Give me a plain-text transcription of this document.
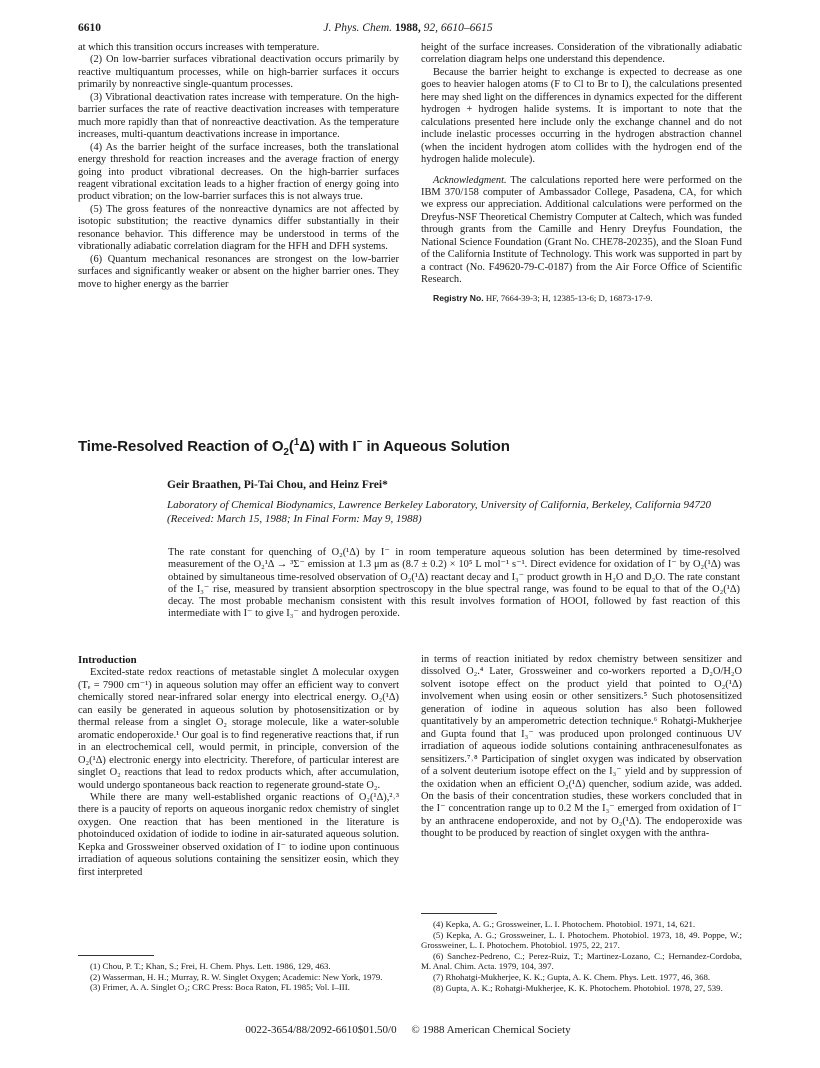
6610	J. Phys. Chem. 1988, 92, 6610–6615

at which this transition occurs increases with temperature.

(2) On low-barrier surfaces vibrational deactivation occurs primarily by reactive multiquantum processes, while on high-barrier surfaces it occurs primarily by nonreactive single-quantum processes.

(3) Vibrational deactivation rates increase with temperature. On the high-barrier surfaces the rate of reactive deactivation increases with temperature much more rapidly than that of nonreactive deactivation. As the temperature increases, multi-quantum deactivations increase in importance.

(4) As the barrier height of the surface increases, both the translational energy threshold for reaction increases and the average fraction of energy going into product vibrational decreases. On the high-barrier surfaces reagent vibrational excitation leads to a higher fraction of energy going into product vibration; on the low-barrier surfaces this is not always true.

(5) The gross features of the nonreactive dynamics are not affected by isotopic substitution; the reactive dynamics differ substantially in their resonance behavior. This difference may be understood in terms of the vibrationally adiabatic correlation diagram for the HFH and DFH systems.

(6) Quantum mechanical resonances are strongest on the low-barrier surfaces and significantly weaker or absent on the higher barrier ones. They move to higher energy as the barrier

height of the surface increases. Consideration of the vibrationally adiabatic correlation diagram helps one understand this dependence.

Because the barrier height to exchange is expected to decrease as one goes to heavier halogen atoms (F to Cl to Br to I), the calculations presented here may shed light on the differences in dynamics expected for the different hydrogen + hydrogen halide systems. It is important to note that the calculations presented here include only the exchange channel and do not include inelastic processes occurring in the hydrogen abstraction channel (when the incident hydrogen atom collides with the hydrogen end of the hydrogen halide molecule).

Acknowledgment. The calculations reported here were performed on the IBM 370/158 computer of Ambassador College, Pasadena, CA, for which we express our appreciation. Additional calculations were performed on the Dreyfus-NSF Theoretical Chemistry Computer at Caltech, which was funded through grants from the Camille and Henry Dreyfus Foundation, the National Science Foundation (Grant No. CHE78-20235), and the Sloan Fund of the California Institute of Technology. This work was supported in part by a contract (No. F49620-79-C-0187) from the Air Force Office of Scientific Research.

Registry No. HF, 7664-39-3; H, 12385-13-6; D, 16873-17-9.
Time-Resolved Reaction of $O_2(^1\Delta)$ with I− in Aqueous Solution
Geir Braathen, Pi-Tai Chou, and Heinz Frei*
Laboratory of Chemical Biodynamics, Lawrence Berkeley Laboratory, University of California, Berkeley, California 94720 (Received: March 15, 1988; In Final Form: May 9, 1988)
The rate constant for quenching of O₂(¹Δ) by I⁻ in room temperature aqueous solution has been determined by time-resolved measurement of the O₂¹Δ → ³Σ⁻ emission at 1.3 μm as (8.7 ± 0.2) × 10⁵ L mol⁻¹ s⁻¹. Direct evidence for oxidation of I⁻ by O₂(¹Δ) was obtained by simultaneous time-resolved observation of O₂(¹Δ) reactant decay and I₃⁻ product growth in H₂O and D₂O. The rate constant of the I₃⁻ rise, measured by transient absorption spectroscopy in the blue spectral range, was found to be equal to that of the O₂(¹Δ) decay. The most probable mechanism consistent with this result involves formation of HOOI, followed by fast reaction of this intermediate with I⁻ to give I₃⁻ and hydrogen peroxide.
Introduction

Excited-state redox reactions of metastable singlet Δ molecular oxygen (Tₑ = 7900 cm⁻¹) in aqueous solution may offer an efficient way to convert chemically stored near-infrared solar energy into electrical energy. O₂(¹Δ) can easily be generated in aqueous solution by photosensitization or by thermal release from a singlet O₂ storage molecule, like a water-soluble aromatic endoperoxide.¹ Our goal is to find regenerative reactions that, if run in an electrochemical cell, would permit, in principle, conversion of the O₂(¹Δ) electronic energy into electricity. Therefore, of particular interest are singlet O₂ reactions that lead to redox products which, after accumulation, would undergo spontaneous back reaction to regenerate ground-state O₂.

While there are many well-established organic reactions of O₂(¹Δ),²˒³ there is a paucity of reports on aqueous inorganic redox chemistry of singlet oxygen. One reaction that has been mentioned in the literature is photoinduced oxidation of iodide to iodine in air-saturated aqueous solution. Kepka and Grossweiner observed oxidation of I⁻ to iodine upon continuous irradiation of aqueous solutions containing the sensitizer eosin, which they first interpreted

in terms of reaction initiated by redox chemistry between sensitizer and dissolved O₂.⁴ Later, Grossweiner and co-workers reported a D₂O/H₂O solvent isotope effect on the product yield that pointed to O₂(¹Δ) involvement when using eosin or other sensitizers.⁵ Such photosensitized generation of iodine in aqueous solution has also been followed quantitatively by an amperometric detection technique.⁶ Rohatgi-Mukherjee and Gupta found that I₃⁻ was produced upon prolonged continuous UV irradiation of aqueous iodide solutions containing anthracenesulfonates as sensitizers.⁷˒⁸ Participation of singlet oxygen was indicated by observation of a solvent deuterium isotope effect on the I₃⁻ yield and by suppression of the oxidation when an efficient O₂(¹Δ) quencher, sodium azide, was added. On the basis of their concentration studies, these workers concluded that in the I⁻ concentration range up to 0.2 M the I₃⁻ emerged from oxidation of I⁻ by an anthracene endoperoxide, and not by O₂(¹Δ). The endoperoxide was thought to be produced by reaction of singlet oxygen with the anthra-

(1) Chou, P. T.; Khan, S.; Frei, H. Chem. Phys. Lett. 1986, 129, 463.
(2) Wasserman, H. H.; Murray, R. W. Singlet Oxygen; Academic: New York, 1979.
(3) Frimer, A. A. Singlet O₂; CRC Press: Boca Raton, FL 1985; Vol. I–III.
(4) Kepka, A. G.; Grossweiner, L. I. Photochem. Photobiol. 1971, 14, 621.
(5) Kepka, A. G.; Grossweiner, L. I. Photochem. Photobiol. 1973, 18, 49. Poppe, W.; Grossweiner, L. I. Photochem. Photobiol. 1975, 22, 217.
(6) Sanchez-Pedreno, C.; Perez-Ruiz, T.; Martinez-Lozano, C.; Hernandez-Cordoba, M. Anal. Chim. Acta. 1979, 104, 397.
(7) Rhohatgi-Mukherjee, K. K.; Gupta, A. K. Chem. Phys. Lett. 1977, 46, 368.
(8) Gupta, A. K.; Rohatgi-Mukherjee, K. K. Photochem. Photobiol. 1978, 27, 539.
0022-3654/88/2092-6610$01.50/0 © 1988 American Chemical Society
